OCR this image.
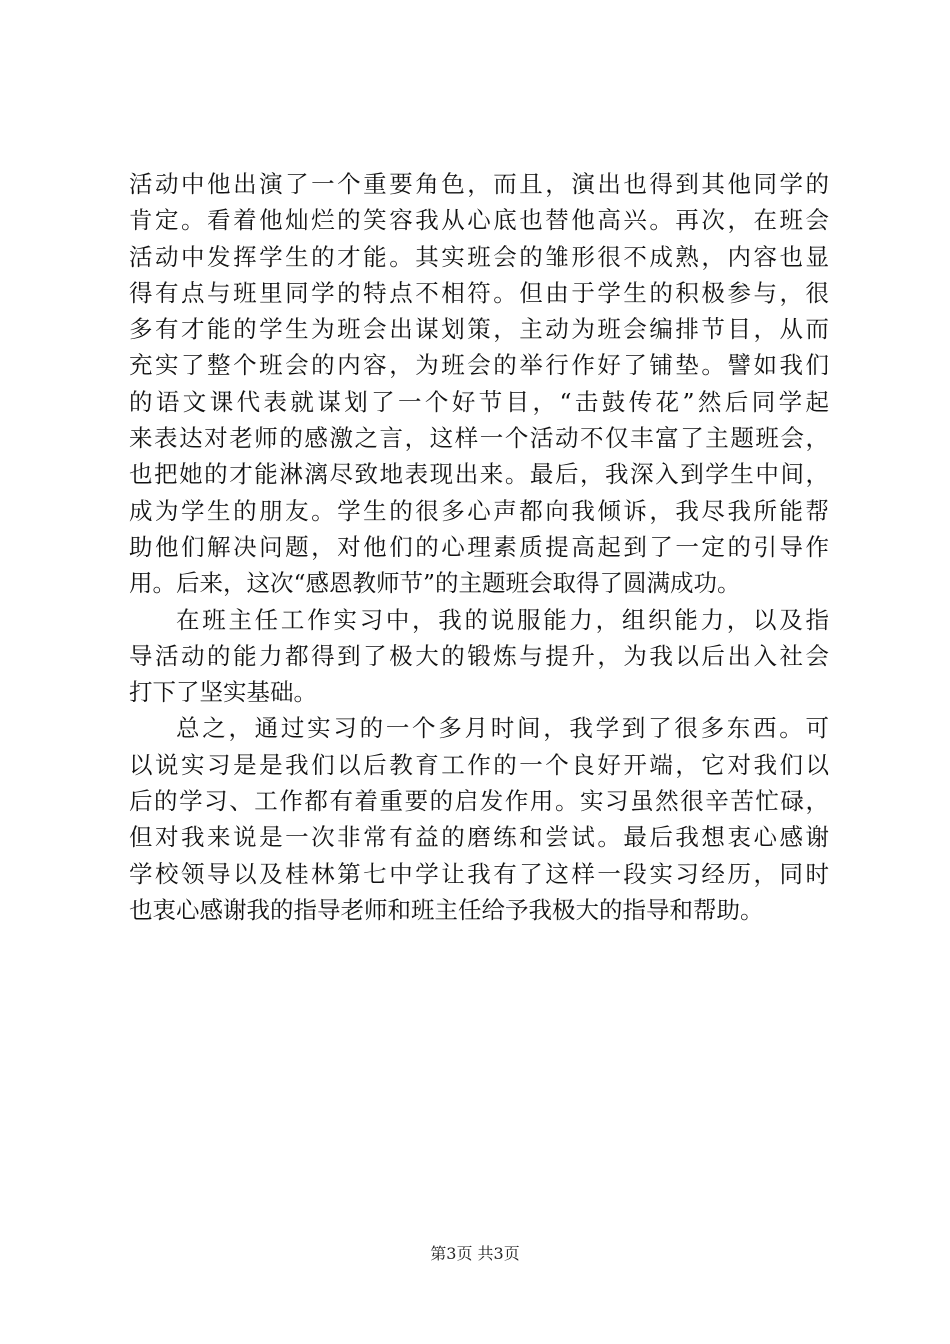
活动中他出演了一个重要角色，而且，演出也得到其他同学的
肯定。看着他灿烂的笑容我从心底也替他高兴。再次，在班会
活动中发挥学生的才能。其实班会的雏形很不成熟，内容也显
得有点与班里同学的特点不相符。但由于学生的积极参与，很
多有才能的学生为班会出谋划策，主动为班会编排节目，从而
充实了整个班会的内容，为班会的举行作好了铺垫。譬如我们
的语文课代表就谋划了一个好节目，“击鼓传花”然后同学起
来表达对老师的感激之言，这样一个活动不仅丰富了主题班会，
也把她的才能淋漓尽致地表现出来。最后，我深入到学生中间，
成为学生的朋友。学生的很多心声都向我倾诉，我尽我所能帮
助他们解决问题，对他们的心理素质提高起到了一定的引导作
用。后来，这次“感恩教师节”的主题班会取得了圆满成功。
在班主任工作实习中，我的说服能力，组织能力，以及指
导活动的能力都得到了极大的锻炼与提升，为我以后出入社会
打下了坚实基础。
总之，通过实习的一个多月时间，我学到了很多东西。可
以说实习是是我们以后教育工作的一个良好开端，它对我们以
后的学习、工作都有着重要的启发作用。实习虽然很辛苦忙碌，
但对我来说是一次非常有益的磨练和尝试。最后我想衷心感谢
学校领导以及桂林第七中学让我有了这样一段实习经历，同时
也衷心感谢我的指导老师和班主任给予我极大的指导和帮助。
第3页 共3页
